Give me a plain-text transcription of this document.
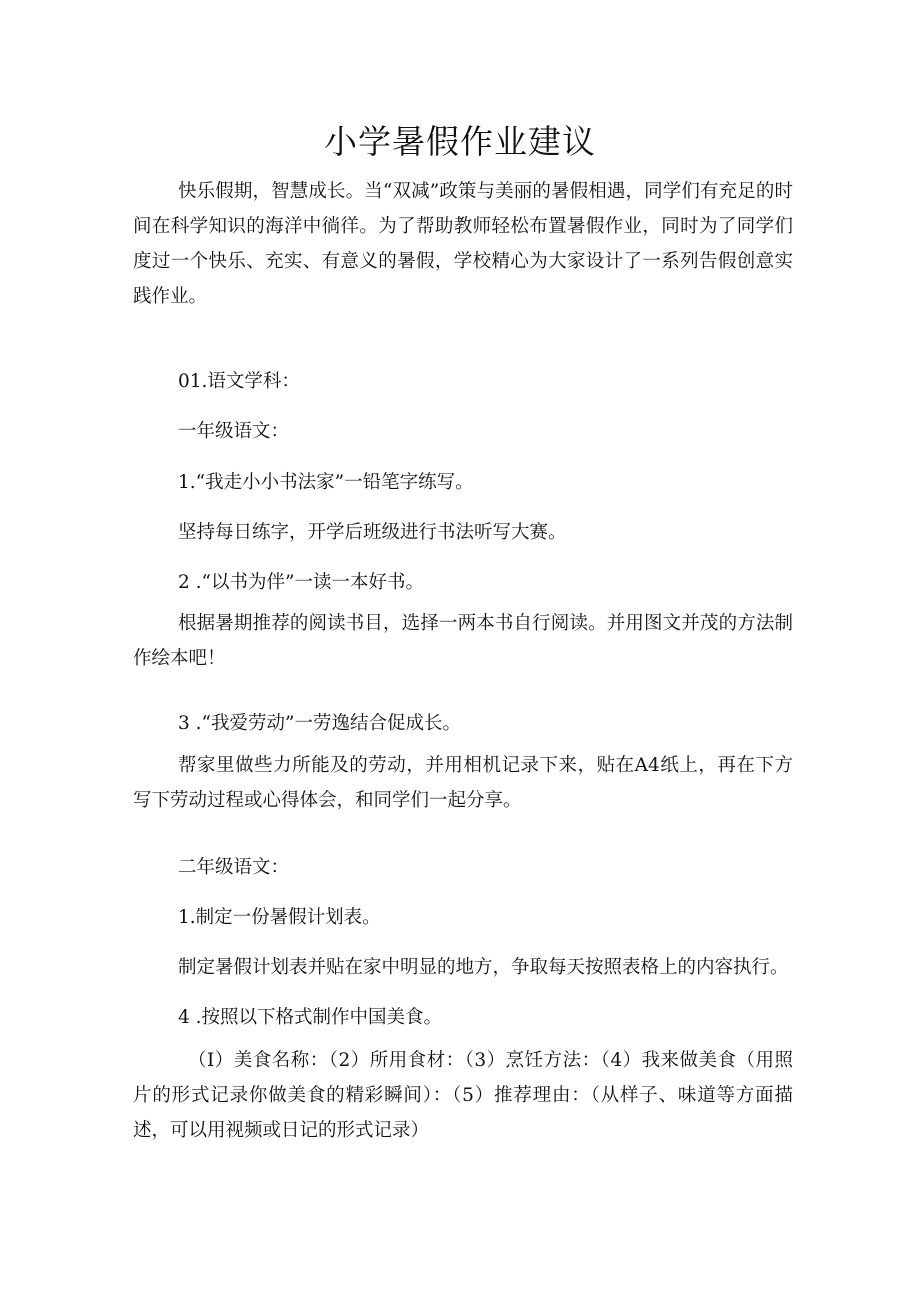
小学暑假作业建议

快乐假期，智慧成长。当“双减”政策与美丽的暑假相遇，同学们有充足的时间在科学知识的海洋中徜徉。为了帮助教师轻松布置暑假作业，同时为了同学们度过一个快乐、充实、有意义的暑假，学校精心为大家设计了一系列告假创意实践作业。

01.语文学科：

一年级语文：

1.“我走小小书法家”一铅笔字练写。

坚持每日练字，开学后班级进行书法听写大赛。

2 .“以书为伴”一读一本好书。

根据暑期推荐的阅读书目，选择一两本书自行阅读。并用图文并茂的方法制作绘本吧！

3 .“我爱劳动”一劳逸结合促成长。

帮家里做些力所能及的劳动，并用相机记录下来，贴在A4纸上，再在下方写下劳动过程或心得体会，和同学们一起分享。

二年级语文：

1.制定一份暑假计划表。

制定暑假计划表并贴在家中明显的地方，争取每天按照表格上的内容执行。

4 .按照以下格式制作中国美食。

（I）美食名称：（2）所用食材：（3）烹饪方法：（4）我来做美食（用照片的形式记录你做美食的精彩瞬间）：（5）推荐理由：（从样子、味道等方面描述，可以用视频或日记的形式记录）
